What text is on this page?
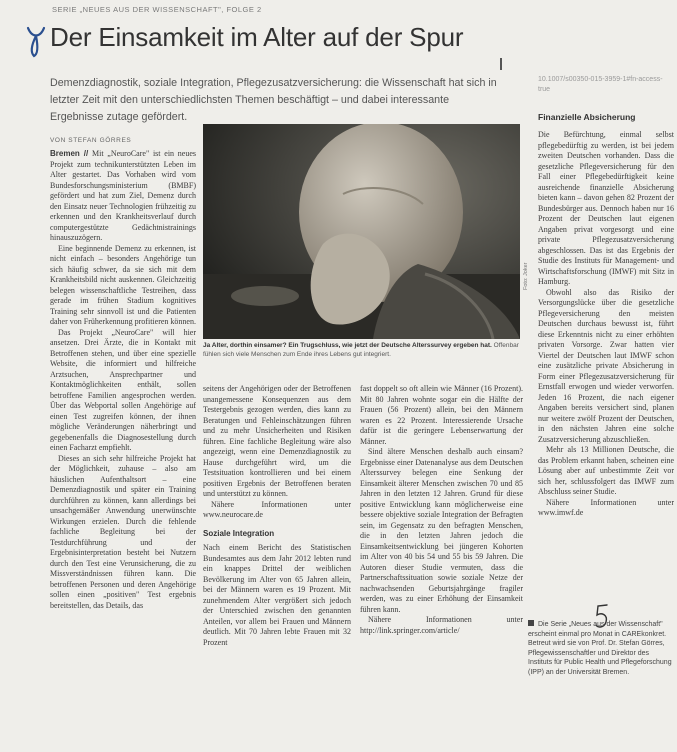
SERIE „NEUES AUS DER WISSENSCHAFT", FOLGE 2
Der Einsamkeit im Alter auf der Spur
Demenzdiagnostik, soziale Integration, Pflegezusatzversicherung: die Wissenschaft hat sich in letzter Zeit mit den unterschiedlichsten Themen beschäftigt – und dabei interessante Ergebnisse zutage gefördert.
VON STEFAN GÖRRES
10.1007/s00350-015-3959-1#fn-access-true
Finanzielle Absicherung

Die Befürchtung, einmal selbst pflegebedürftig zu werden, ist bei jedem zweiten Deutschen vorhanden. Dass die gesetzliche Pflegeversicherung für den Fall einer Pflegebedürftigkeit keine ausreichende finanzielle Absicherung bieten kann – davon gehen 82 Prozent der Bundesbürger aus. Dennoch haben nur 16 Prozent der Deutschen laut eigenen Angaben privat vorgesorgt und eine private Pflegezusatzversicherung abgeschlossen. Das ist das Ergebnis der Studie des Instituts für Management- und Wirtschaftsforschung (IMWF) mit Sitz in Hamburg.

Obwohl also das Risiko der Versorgungslücke über die gesetzliche Pflegeversicherung den meisten Deutschen durchaus bewusst ist, führt diese Erkenntnis nicht zu einer erhöhten privaten Vorsorge. Zwar hatten vier Viertel der Deutschen laut IMWF schon eine zusätzliche private Absicherung in Form einer Pflegezusatzversicherung für Ernstfall erwogen und wieder verworfen. Jeden 16 Prozent, die nach eigener Angaben bereits versichert sind, planen nur weitere zwölf Prozent der Deutschen, in den nächsten Jahren eine solche Zusatzversicherung abzuschließen.

Mehr als 13 Millionen Deutsche, die das Problem erkannt haben, scheinen eine Lösung aber auf unbestimmte Zeit vor sich her, schlussfolgert das IMWF zum Abschluss seiner Studie.

Nähere Informationen unter www.imwf.de

Die Serie „Neues aus der Wissenschaft" erscheint einmal pro Monat in CAREkonkret. Betreut wird sie von Prof. Dr. Stefan Görres, Pflegewissenschaftler und Direktor des Instituts für Public Health und Pflegeforschung (IPP) an der Universität Bremen.
Foto: Joker
Ja Alter, dorthin einsamer? Ein Trugschluss, wie jetzt der Deutsche Alterssurvey ergeben hat. Offenbar fühlen sich viele Menschen zum Ende ihres Lebens gut integriert.

Bremen // Mit „NeuroCare" ist ein neues Projekt zum technikunterstützten Leben im Alter gestartet. Das Vorhaben wird vom Bundesforschungsministerium (BMBF) gefördert und hat zum Ziel, Demenz durch den Einsatz neuer Technologien frühzeitig zu erkennen und den Krankheitsverlauf durch computergestützte Gedächtnistrainings hinauszuzögern.

Eine beginnende Demenz zu erkennen, ist nicht einfach – besonders Angehörige tun sich häufig schwer, da sie sich mit dem Krankheitsbild nicht auskennen. Gleichzeitig belegen wissenschaftliche Testreihen, dass gerade im frühen Stadium kognitives Training sehr sinnvoll ist und die Patienten daher von Früherkennung profitieren können.

Das Projekt „NeuroCare" will hier ansetzen. Drei Ärzte, die in Kontakt mit Betroffenen stehen, und über eine spezielle Website, die informiert und hilfreiche Arztsuchen, Ansprechpartner und Kontaktmöglichkeiten enthält, sollen betroffene Familien angesprochen werden. Über das Webportal sollen Angehörige auf einen Test zugreifen können, der ihnen mögliche Veränderungen näherbringt und gegebenenfalls die Diagnosestellung durch einen Facharzt empfiehlt.

Dieses an sich sehr hilfreiche Projekt hat der Möglichkeit, zuhause – also am häuslichen Aufenthaltsort – eine Demenzdiagnostik und später ein Training durchführen zu können, kann allerdings bei unsachgemäßer Anwendung unerwünschte Wirkungen erzielen. Durch die fehlende fachliche Begleitung bei der Testdurchführung und der Ergebnisinterpretation besteht bei Nutzern durch den Test eine Verunsicherung, die zu Missverständnissen führen kann. Die betroffenen Personen und deren Angehörige sollen einen „positiven" Test ergebnis bereitstellen, das Details, das

seitens der Angehörigen oder der Betroffenen unangemessene Konsequenzen aus dem Testergebnis gezogen werden, dies kann zu Beratungen und Fehleinschätzungen führen und zu mehr Unsicherheiten und Risiken führen. Eine fachliche Begleitung wäre also angezeigt, wenn eine Demenzdiagnostik zu Hause durchgeführt wird, um die Testsituation kontrollieren und bei einem positiven Ergebnis der Betroffenen beraten und unterstützt zu können.

Nähere Informationen unter www.neurocare.de

Soziale Integration

Nach einem Bericht des Statistischen Bundesamtes aus dem Jahr 2012 lebten rund ein knappes Drittel der weiblichen Bevölkerung im Alter von 65 Jahren allein, bei der Männern waren es 19 Prozent. Mit zunehmendem Alter vergrößert sich jedoch der Unterschied zwischen den genannten Anteilen, vor allem bei Frauen und Männern deutlich. Mit 70 Jahren lebte Frauen mit 32 Prozent

fast doppelt so oft allein wie Männer (16 Prozent). Mit 80 Jahren wohnte sogar ein die Hälfte der Frauen (56 Prozent) allein, bei den Männern waren es 22 Prozent. Interessierende Ursache dafür ist die geringere Lebenserwartung der Männer.

Sind ältere Menschen deshalb auch einsam? Ergebnisse einer Datenanalyse aus dem Deutschen Alterssurvey belegen eine Senkung der Einsamkeit älterer Menschen zwischen 70 und 85 Jahren in den letzten 12 Jahren. Grund für diese positive Entwicklung kann möglicherweise eine bessere objektive soziale Integration der Befragten sein, im Gegensatz zu den befragten Menschen, die in den letzten Jahren jedoch die Einsamkeitsentwicklung bei jüngeren Kohorten im Alter von 40 bis 54 und 55 bis 59 Jahren. Die Autoren dieser Studie vermuten, dass die Partnerschaftssituation sowie soziale Netze der nachwachsenden Geburtsjahrgänge fragiler werden, was zu einer Erhöhung der Einsamkeit führen kann.

Nähere Informationen unter http://link.springer.com/article/
